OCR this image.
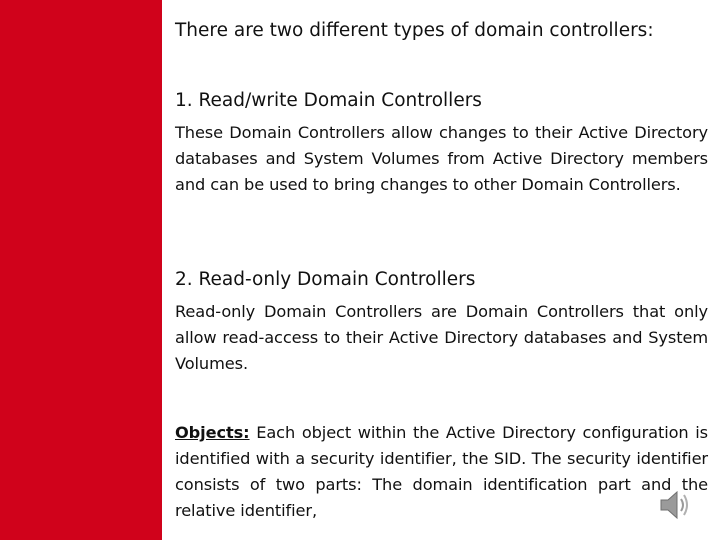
There are two different types of domain controllers:
1. Read/write Domain Controllers
These Domain Controllers allow changes to their Active Directory databases and System Volumes from Active Directory members and can be used to bring changes to other Domain Controllers.
2. Read-only Domain Controllers
Read-only Domain Controllers are Domain Controllers that only allow read-access to their Active Directory databases and System Volumes.
Objects: Each object within the Active Directory configuration is identified with a security identifier, the SID. The security identifier consists of two parts: The domain identification part and the relative identifier,
